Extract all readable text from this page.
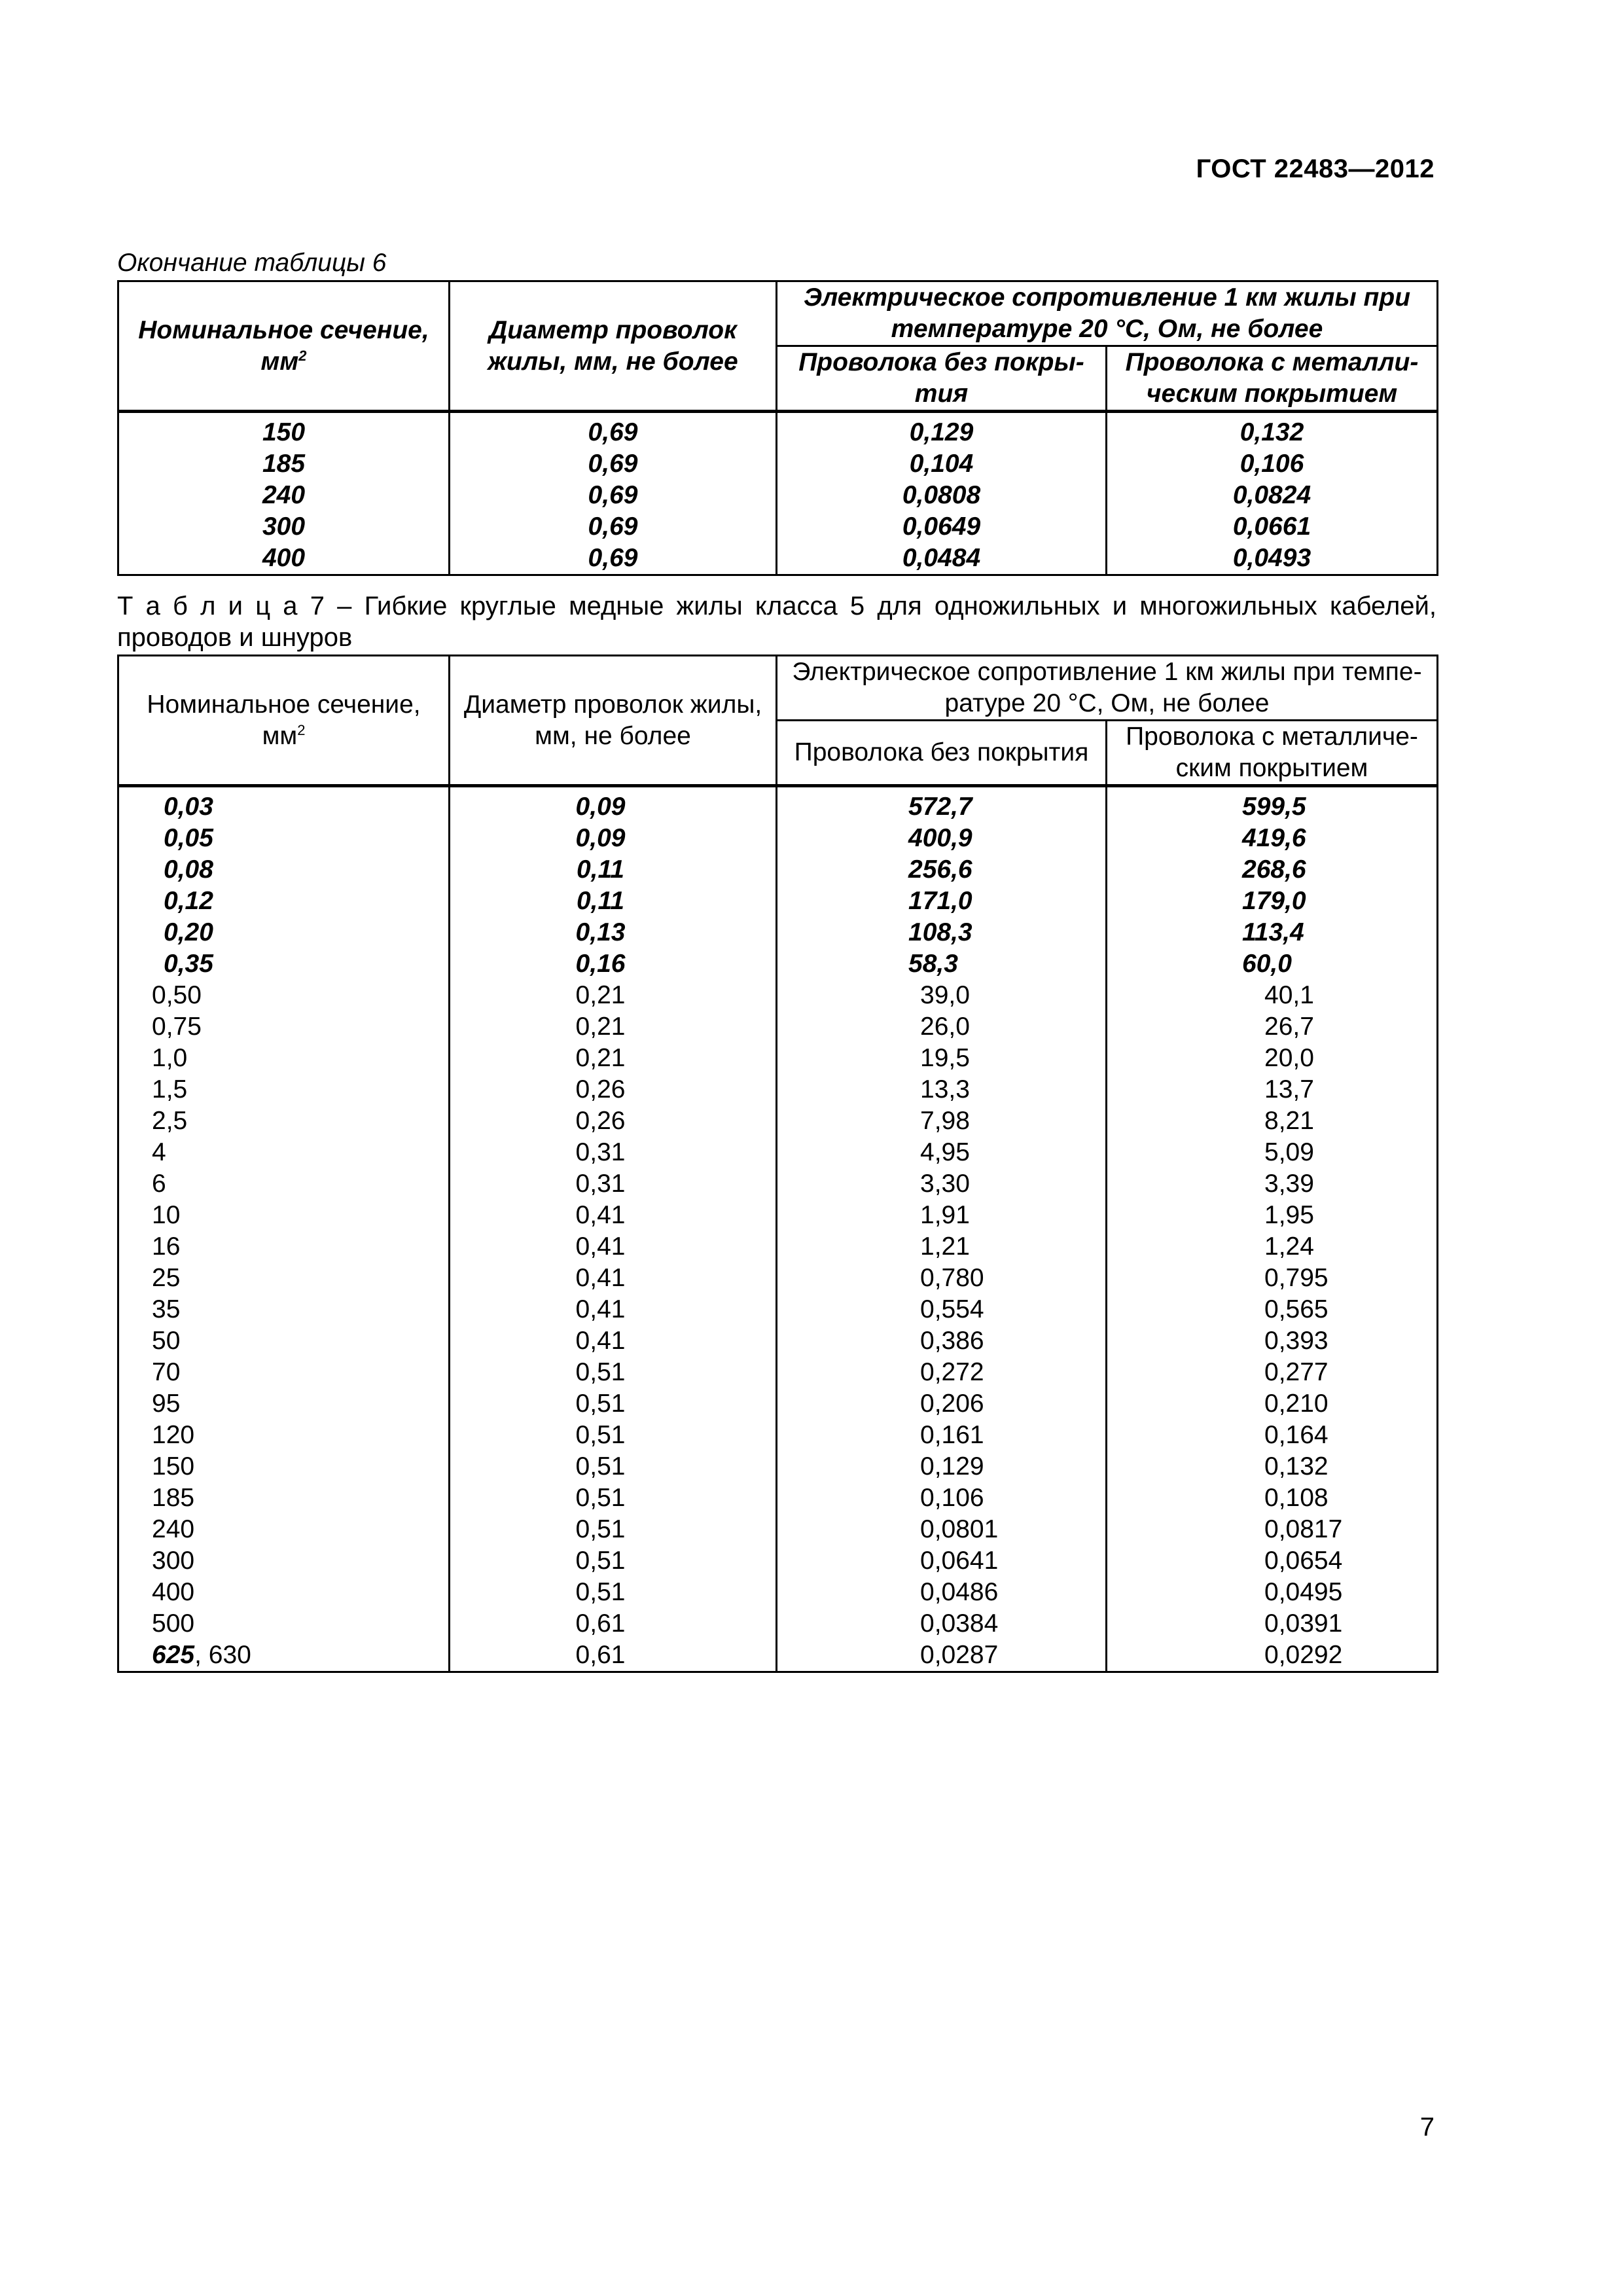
ГОСТ 22483—2012
Окончание таблицы 6
Номинальное сечение, $мм^2$	Диаметр проволок жилы, мм, не более	Электрическое сопротивление 1 км жилы при температуре 20 °С, Ом, не более	
		Проволока без покры-тия	Проволока с металли-ческим покрытием
150	0,69	0,129	0,132
185	0,69	0,104	0,106
240	0,69	0,0808	0,0824
300	0,69	0,0649	0,0661
400	0,69	0,0484	0,0493
Т а б л и ц а 7 – Гибкие круглые медные жилы класса 5 для одножильных и многожильных кабелей, проводов и шнуров
Номинальное сечение, $мм^2$	Диаметр проволок жилы, мм, не более	Электрическое сопротивление 1 км жилы при темпе-ратуре 20 °С, Ом, не более	
		Проволока без покрытия	Проволока с металличе-ским покрытием
0,03	0,09	572,7	599,5
0,05	0,09	400,9	419,6
0,08	0,11	256,6	268,6
0,12	0,11	171,0	179,0
0,20	0,13	108,3	113,4
0,35	0,16	58,3	60,0
0,50	0,21	39,0	40,1
0,75	0,21	26,0	26,7
1,0	0,21	19,5	20,0
1,5	0,26	13,3	13,7
2,5	0,26	7,98	8,21
4	0,31	4,95	5,09
6	0,31	3,30	3,39
10	0,41	1,91	1,95
16	0,41	1,21	1,24
25	0,41	0,780	0,795
35	0,41	0,554	0,565
50	0,41	0,386	0,393
70	0,51	0,272	0,277
95	0,51	0,206	0,210
120	0,51	0,161	0,164
150	0,51	0,129	0,132
185	0,51	0,106	0,108
240	0,51	0,0801	0,0817
300	0,51	0,0641	0,0654
400	0,51	0,0486	0,0495
500	0,61	0,0384	0,0391
625, 630	0,61	0,0287	0,0292
7
